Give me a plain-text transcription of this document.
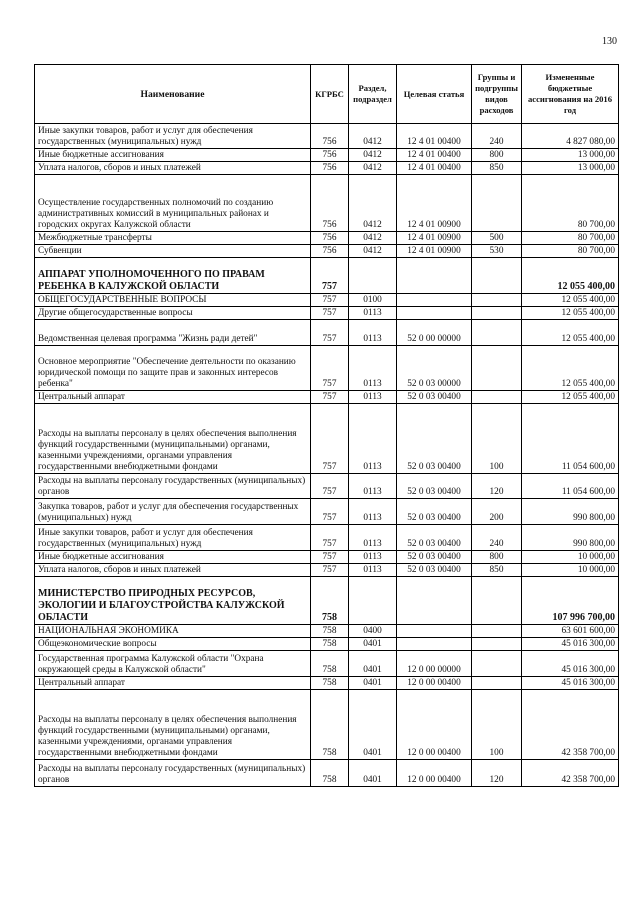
130
Наименование	КГРБС	Раздел, подраздел	Целевая статья	Группы и подгруппы видов расходов	Измененные бюджетные ассигнования на 2016 год
Иные закупки товаров, работ и услуг для обеспечения государственных (муниципальных) нужд	756	0412	12 4 01 00400	240	4 827 080,00
Иные бюджетные ассигнования	756	0412	12 4 01 00400	800	13 000,00
Уплата налогов, сборов и иных платежей	756	0412	12 4 01 00400	850	13 000,00
Осуществление государственных полномочий по созданию административных комиссий в муниципальных районах и городских округах Калужской области	756	0412	12 4 01 00900		80 700,00
Межбюджетные трансферты	756	0412	12 4 01 00900	500	80 700,00
Субвенции	756	0412	12 4 01 00900	530	80 700,00
АППАРАТ УПОЛНОМОЧЕННОГО ПО ПРАВАМ РЕБЕНКА В КАЛУЖСКОЙ ОБЛАСТИ	757				12 055 400,00
ОБЩЕГОСУДАРСТВЕННЫЕ ВОПРОСЫ	757	0100			12 055 400,00
Другие общегосударственные вопросы	757	0113			12 055 400,00
Ведомственная целевая программа "Жизнь ради детей"	757	0113	52 0 00 00000		12 055 400,00
Основное мероприятие "Обеспечение деятельности по оказанию юридической помощи по защите прав и законных интересов ребенка"	757	0113	52 0 03 00000		12 055 400,00
Центральный аппарат	757	0113	52 0 03 00400		12 055 400,00
Расходы на выплаты персоналу в целях обеспечения выполнения функций государственными (муниципальными) органами, казенными учреждениями, органами управления государственными внебюджетными фондами	757	0113	52 0 03 00400	100	11 054 600,00
Расходы на выплаты персоналу государственных (муниципальных) органов	757	0113	52 0 03 00400	120	11 054 600,00
Закупка товаров, работ и услуг для обеспечения государственных (муниципальных) нужд	757	0113	52 0 03 00400	200	990 800,00
Иные закупки товаров, работ и услуг для обеспечения государственных (муниципальных) нужд	757	0113	52 0 03 00400	240	990 800,00
Иные бюджетные ассигнования	757	0113	52 0 03 00400	800	10 000,00
Уплата налогов, сборов и иных платежей	757	0113	52 0 03 00400	850	10 000,00
МИНИСТЕРСТВО ПРИРОДНЫХ РЕСУРСОВ, ЭКОЛОГИИ И БЛАГОУСТРОЙСТВА КАЛУЖСКОЙ ОБЛАСТИ	758				107 996 700,00
НАЦИОНАЛЬНАЯ ЭКОНОМИКА	758	0400			63 601 600,00
Общеэкономические вопросы	758	0401			45 016 300,00
Государственная программа Калужской области "Охрана окружающей среды в Калужской области"	758	0401	12 0 00 00000		45 016 300,00
Центральный аппарат	758	0401	12 0 00 00400		45 016 300,00
Расходы на выплаты персоналу в целях обеспечения выполнения функций государственными (муниципальными) органами, казенными учреждениями, органами управления государственными внебюджетными фондами	758	0401	12 0 00 00400	100	42 358 700,00
Расходы на выплаты персоналу государственных (муниципальных) органов	758	0401	12 0 00 00400	120	42 358 700,00
